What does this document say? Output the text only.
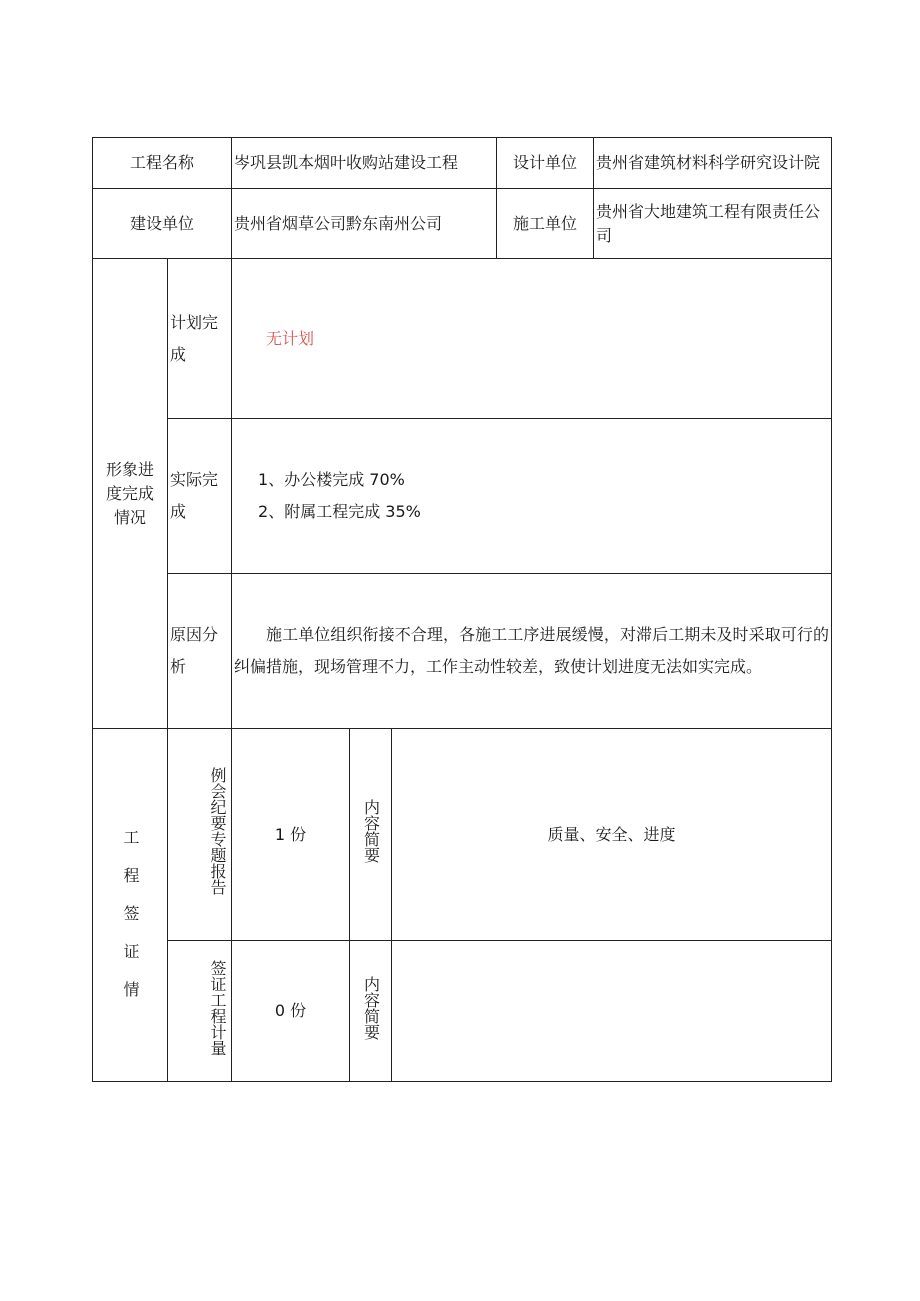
工程名称		岑巩县凯本烟叶收购站建设工程			设计单位	贵州省建筑材料科学研究设计院
建设单位		贵州省烟草公司黔东南州公司			施工单位	贵州省大地建筑工程有限责任公司
形象进度完成情况	计划完成	无计划				
	实际完成	1、办公楼完成 70%
2、附属工程完成 35%				

	原因分析	施工单位组织衔接不合理，各施工工序进展缓慢，对滞后工期未及时采取可行的纠偏措施，现场管理不力，工作主动性较差，致使计划进度无法如实完成。				

工程签证情	例会纪要专题报告	1 份	内容简要	质量、安全、进度		
	签证工程计量	0 份	内容简要			
